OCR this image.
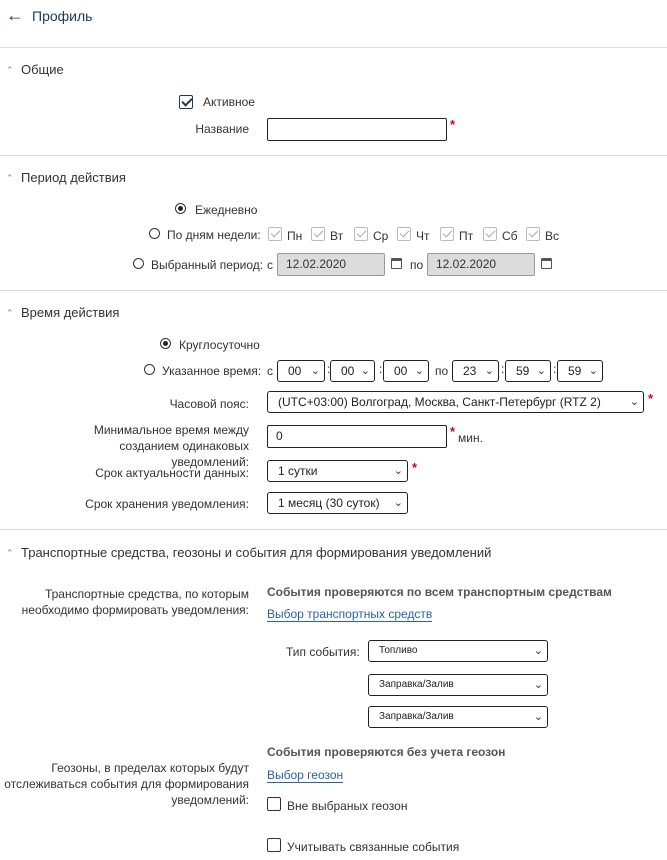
← Профиль
⌃ Общие
Активное
Название	*
⌃ Период действия
Ежедневно
По дням недели: Пн Вт Ср Чт Пт Сб Вс
Выбранный период: с	12.02.2020	по	12.02.2020
⌃ Время действия
Круглосуточно
Указанное время: с	00 ⌄ : 00 ⌄ : 00 ⌄ по	23 ⌄ : 59 ⌄ : 59 ⌄
Часовой пояс:	(UTC+03:00) Волгоград, Москва, Санкт-Петербург (RTZ 2)	⌄ *
Минимальное время между созданием одинаковых уведомлений:
0	* мин.
Срок актуальности данных:	1 сутки	⌄ *
Срок хранения уведомления:	1 месяц (30 суток) ⌄
⌃ Транспортные средства, геозоны и события для формирования уведомлений
Транспортные средства, по которым необходимо формировать уведомления:
События проверяются по всем транспортным средствам
Выбор транспортных средств
Тип события:	Топливо	⌄
Заправка/Залив	⌄
Заправка/Залив	⌄
Геозоны, в пределах которых будут отслеживаться события для формирования уведомлений:
События проверяются без учета геозон
Выбор геозон
Вне выбраных геозон
Учитывать связанные события
